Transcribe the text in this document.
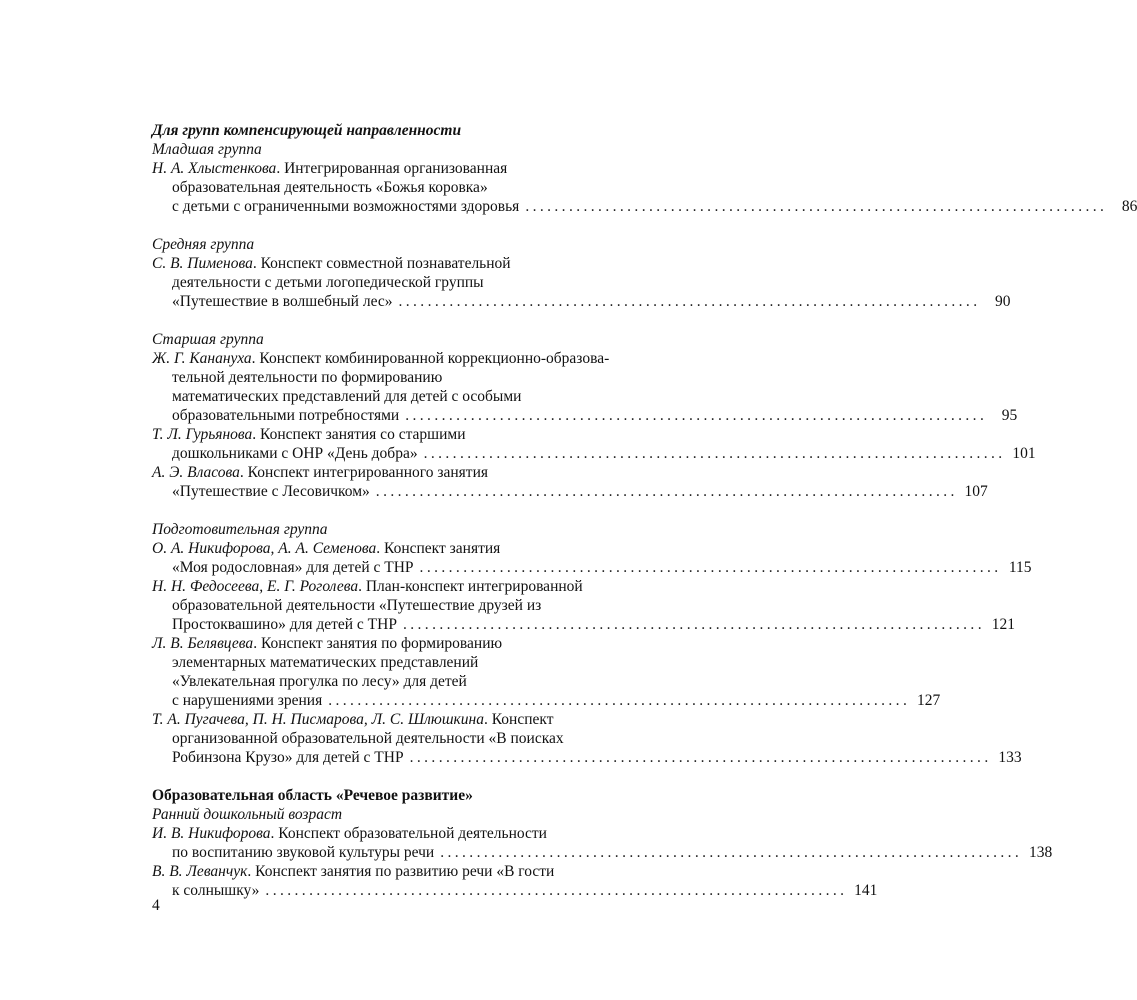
Для групп компенсирующей направленности
Младшая группа
Н. А. Хлыстенкова. Интегрированная организованная
образовательная деятельность «Божья коровка»
с детьми с ограниченными возможностями здоровья ................................................................................ 86
Средняя группа
С. В. Пименова. Конспект совместной познавательной
деятельности с детьми логопедической группы
«Путешествие в волшебный лес» ................................................................................ 90
Старшая группа
Ж. Г. Канануха. Конспект комбинированной коррекционно-образова-
тельной деятельности по формированию
математических представлений для детей с особыми
образовательными потребностями ................................................................................ 95
Т. Л. Гурьянова. Конспект занятия со старшими
дошкольниками с ОНР «День добра» ................................................................................ 101
А. Э. Власова. Конспект интегрированного занятия
«Путешествие с Лесовичком» ................................................................................ 107
Подготовительная группа
О. А. Никифорова, А. А. Семенова. Конспект занятия
«Моя родословная» для детей с ТНР ................................................................................ 115
Н. Н. Федосеева, Е. Г. Роголева. План-конспект интегрированной
образовательной деятельности «Путешествие друзей из
Простоквашино» для детей с ТНР ................................................................................ 121
Л. В. Белявцева. Конспект занятия по формированию
элементарных математических представлений
«Увлекательная прогулка по лесу» для детей
с нарушениями зрения ................................................................................ 127
Т. А. Пугачева, П. Н. Писмарова, Л. С. Шлюшкина. Конспект
организованной образовательной деятельности «В поисках
Робинзона Крузо» для детей с ТНР ................................................................................ 133
Образовательная область «Речевое развитие»
Ранний дошкольный возраст
И. В. Никифорова. Конспект образовательной деятельности
по воспитанию звуковой культуры речи ................................................................................ 138
В. В. Леванчук. Конспект занятия по развитию речи «В гости
к солнышку» ................................................................................ 141
4
